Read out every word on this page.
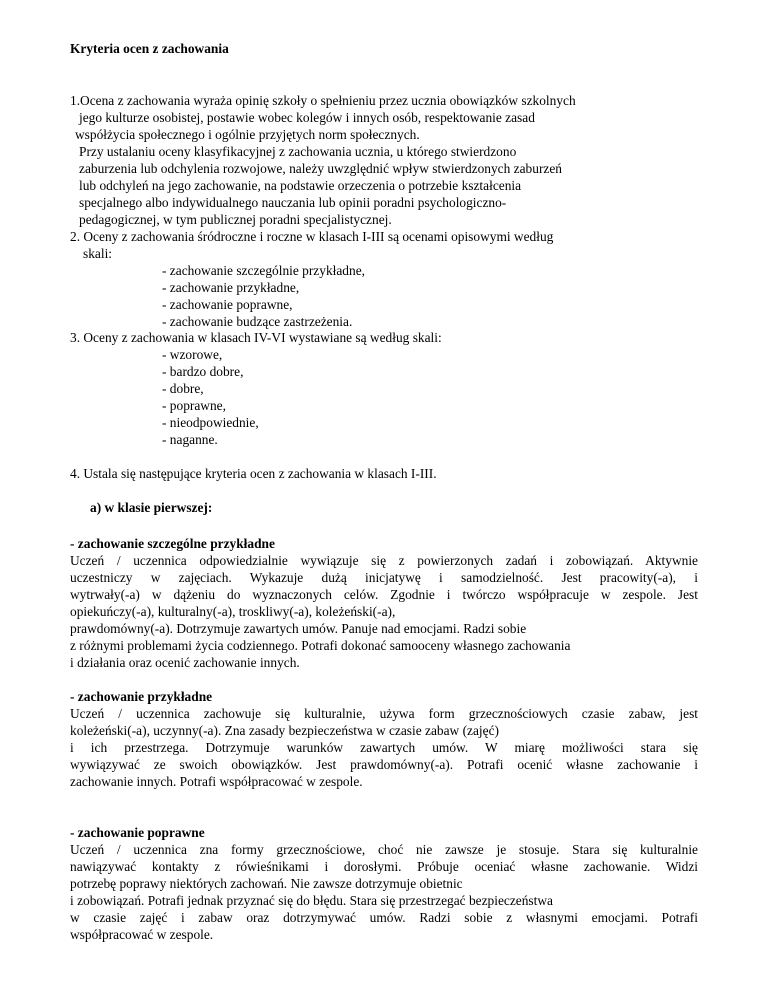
Kryteria ocen z zachowania
1.Ocena z zachowania wyraża opinię szkoły o spełnieniu przez ucznia obowiązków szkolnych
jego kulturze osobistej, postawie wobec kolegów i innych osób, respektowanie zasad
współżycia społecznego i ogólnie przyjętych norm społecznych.
Przy ustalaniu oceny klasyfikacyjnej z zachowania ucznia, u którego stwierdzono
zaburzenia lub odchylenia rozwojowe, należy uwzględnić wpływ stwierdzonych zaburzeń
lub odchyleń na jego zachowanie, na podstawie orzeczenia o potrzebie kształcenia
specjalnego albo indywidualnego nauczania lub opinii poradni psychologiczno-
pedagogicznej, w tym publicznej poradni specjalistycznej.
2. Oceny z zachowania śródroczne i roczne w klasach I-III są ocenami opisowymi według
skali:
- zachowanie szczególnie przykładne,
- zachowanie przykładne,
- zachowanie poprawne,
- zachowanie budzące zastrzeżenia.
3. Oceny z zachowania w klasach IV-VI wystawiane są według skali:
- wzorowe,
- bardzo dobre,
- dobre,
- poprawne,
- nieodpowiednie,
- naganne.
4. Ustala się następujące kryteria ocen z zachowania w klasach I-III.
a) w klasie pierwszej:
- zachowanie szczególne przykładne
Uczeń / uczennica odpowiedzialnie wywiązuje się z powierzonych zadań i zobowiązań. Aktywnie
uczestniczy w zajęciach. Wykazuje dużą inicjatywę i samodzielność. Jest pracowity(-a), i
wytrwały(-a) w dążeniu do wyznaczonych celów. Zgodnie i twórczo współpracuje w zespole. Jest
opiekuńczy(-a), kulturalny(-a), troskliwy(-a), koleżeński(-a),
prawdomówny(-a). Dotrzymuje zawartych umów. Panuje nad emocjami. Radzi sobie
z różnymi problemami życia codziennego. Potrafi dokonać samooceny własnego zachowania
i działania oraz ocenić zachowanie innych.
- zachowanie przykładne
Uczeń / uczennica zachowuje się kulturalnie, używa form grzecznościowych czasie zabaw, jest
koleżeński(-a), uczynny(-a). Zna zasady bezpieczeństwa w czasie zabaw (zajęć)
i ich przestrzega. Dotrzymuje warunków zawartych umów. W miarę możliwości stara się
wywiązywać ze swoich obowiązków. Jest prawdomówny(-a). Potrafi ocenić własne zachowanie i
zachowanie innych. Potrafi współpracować w zespole.
- zachowanie poprawne
Uczeń / uczennica zna formy grzecznościowe, choć nie zawsze je stosuje. Stara się kulturalnie
nawiązywać kontakty z rówieśnikami i dorosłymi. Próbuje oceniać własne zachowanie. Widzi
potrzebę poprawy niektórych zachowań. Nie zawsze dotrzymuje obietnic
i zobowiązań. Potrafi jednak przyznać się do błędu. Stara się przestrzegać bezpieczeństwa
w czasie zajęć i zabaw oraz dotrzymywać umów. Radzi sobie z własnymi emocjami. Potrafi
współpracować w zespole.
